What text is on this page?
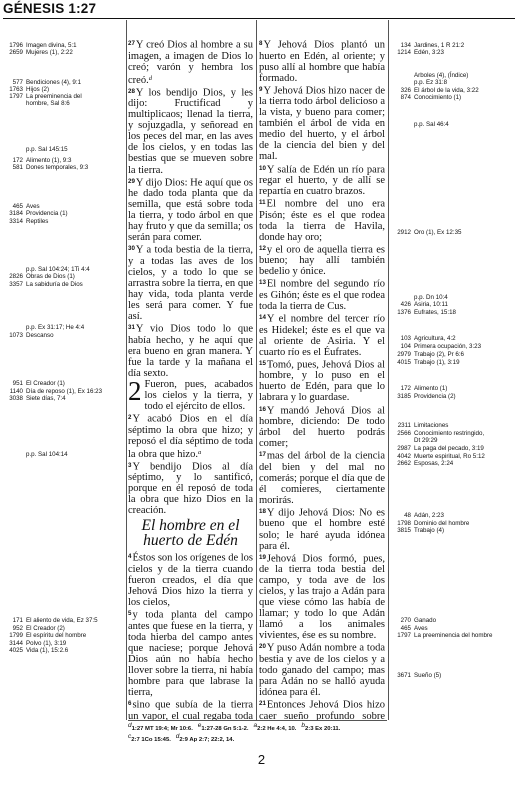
GÉNESIS 1:27
1796 Imagen divina, 5:1
2659 Mujeres (1), 2:22
577 Bendiciones (4), 9:1
1763 Hijos (2)
1797 La preeminencia del
hombre, Sal 8:6
p.p. Sal 145:15
172 Alimento (1), 9:3
581 Dones temporales, 9:3
465 Aves
3184 Providencia (1)
3314 Reptiles
p.p. Sal 104:24; 1Ti 4:4
2826 Obras de Dios (1)
3357 La sabiduría de Dios
p.p. Ex 31:17; He 4:4
1073 Descanso
951 El Creador (1)
1140 Día de reposo (1), Ex 16:23
3038 Siete días, 7:4
p.p. Sal 104:14
171 El aliento de vida, Ez 37:5
952 El Creador (2)
1799 El espíritu del hombre
3144 Polvo (1), 3:19
4025 Vida (1), 15:2.6

$^{27}$Y creó Dios al hombre a su imagen, a imagen de Dios lo creó; varón y hembra los creó.$^d$

$^{28}$Y los bendijo Dios, y les dijo: Fructificad y multiplicaos; llenad la tierra, y sojuzgadla, y señoread en los peces del mar, en las aves de los cielos, y en todas las bestias que se mueven sobre la tierra.

$^{29}$Y dijo Dios: He aquí que os he dado toda planta que da semilla, que está sobre toda la tierra, y todo árbol en que hay fruto y que da semilla; os serán para comer.

$^{30}$Y a toda bestia de la tierra, y a todas las aves de los cielos, y a todo lo que se arrastra sobre la tierra, en que hay vida, toda planta verde les será para comer. Y fue así.

$^{31}$Y vio Dios todo lo que había hecho, y he aquí que era bueno en gran manera. Y fue la tarde y la mañana el día sexto.

2 Fueron, pues, acabados los cielos y la tierra, y todo el ejército de ellos.

$^2$Y acabó Dios en el día séptimo la obra que hizo; y reposó el día séptimo de toda la obra que hizo.$^a$

$^3$Y bendijo Dios al día séptimo, y lo santificó, porque en él reposó de toda la obra que hizo Dios en la creación.

El hombre en el
huerto de Edén

$^4$Éstos son los orígenes de los cielos y de la tierra cuando fueron creados, el día que Jehová Dios hizo la tierra y los cielos,

$^5$y toda planta del campo antes que fuese en la tierra, y toda hierba del campo antes que naciese; porque Jehová Dios aún no había hecho llover sobre la tierra, ni había hombre para que labrase la tierra,

$^6$sino que subía de la tierra un vapor, el cual regaba toda

$^8$Y Jehová Dios plantó un huerto en Edén, al oriente; y puso allí al hombre que había formado.

$^9$Y Jehová Dios hizo nacer de la tierra todo árbol delicioso a la vista, y bueno para comer; también el árbol de vida en medio del huerto, y el árbol de la ciencia del bien y del mal.

$^{10}$Y salía de Edén un río para regar el huerto, y de allí se repartía en cuatro brazos.

$^{11}$El nombre del uno era Pisón; éste es el que rodea toda la tierra de Havila, donde hay oro;

$^{12}$y el oro de aquella tierra es bueno; hay allí también bedelio y ónice.

$^{13}$El nombre del segundo río es Gihón; éste es el que rodea toda la tierra de Cus.

$^{14}$Y el nombre del tercer río es Hidekel; éste es el que va al oriente de Asiria. Y el cuarto río es el Éufrates.

$^{15}$Tomó, pues, Jehová Dios al hombre, y lo puso en el huerto de Edén, para que lo labrara y lo guardase.

$^{16}$Y mandó Jehová Dios al hombre, diciendo: De todo árbol del huerto podrás comer;

$^{17}$mas del árbol de la ciencia del bien y del mal no comerás; porque el día que de él comieres, ciertamente morirás.

$^{18}$Y dijo Jehová Dios: No es bueno que el hombre esté solo; le haré ayuda idónea para él.

$^{19}$Jehová Dios formó, pues, de la tierra toda bestia del campo, y toda ave de los cielos, y las trajo a Adán para que viese cómo las había de llamar; y todo lo que Adán llamó a los animales vivientes, ése es su nombre.

$^{20}$Y puso Adán nombre a toda bestia y ave de los cielos y a todo ganado del campo; mas para Adán no se halló ayuda idónea para él.

$^{21}$Entonces Jehová Dios hizo caer sueño profundo sobre

134 Jardines, 1 R 21:2
1214 Edén, 3:23
Arboles (4), (Índice)
p.p. Ez 31:8
326 El árbol de la vida, 3:22
874 Conocimiento (1)
p.p. Sal 46:4
2912 Oro (1), Ex 12:35
p.p. Dn 10:4
426 Asiria, 10:11
1376 Eufrates, 15:18
103 Agricultura, 4:2
104 Primera ocupación, 3:23
2979 Trabajo (2), Pr 6:6
4015 Trabajo (1), 3:19
172 Alimento (1)
3185 Providencia (2)
2311 Limitaciones
2566 Conocimiento restringido,
Dt 29:29
2987 La paga del pecado, 3:19
4042 Muerte espiritual, Ro 5:12
2662 Esposas, 2:24
48 Adán, 2:23
1798 Dominio del hombre
3815 Trabajo (4)
270 Ganado
465 Aves
1797 La preeminencia del hombre
3671 Sueño (5)
d1:27 MT 19:4; Mr 10:6. e1:27-28 Gn 5:1-2. a2:2 He 4:4, 10. b2:3 Ex 20:11.
c2:7 1Co 15:45. d2:9 Ap 2:7; 22:2, 14.
2
